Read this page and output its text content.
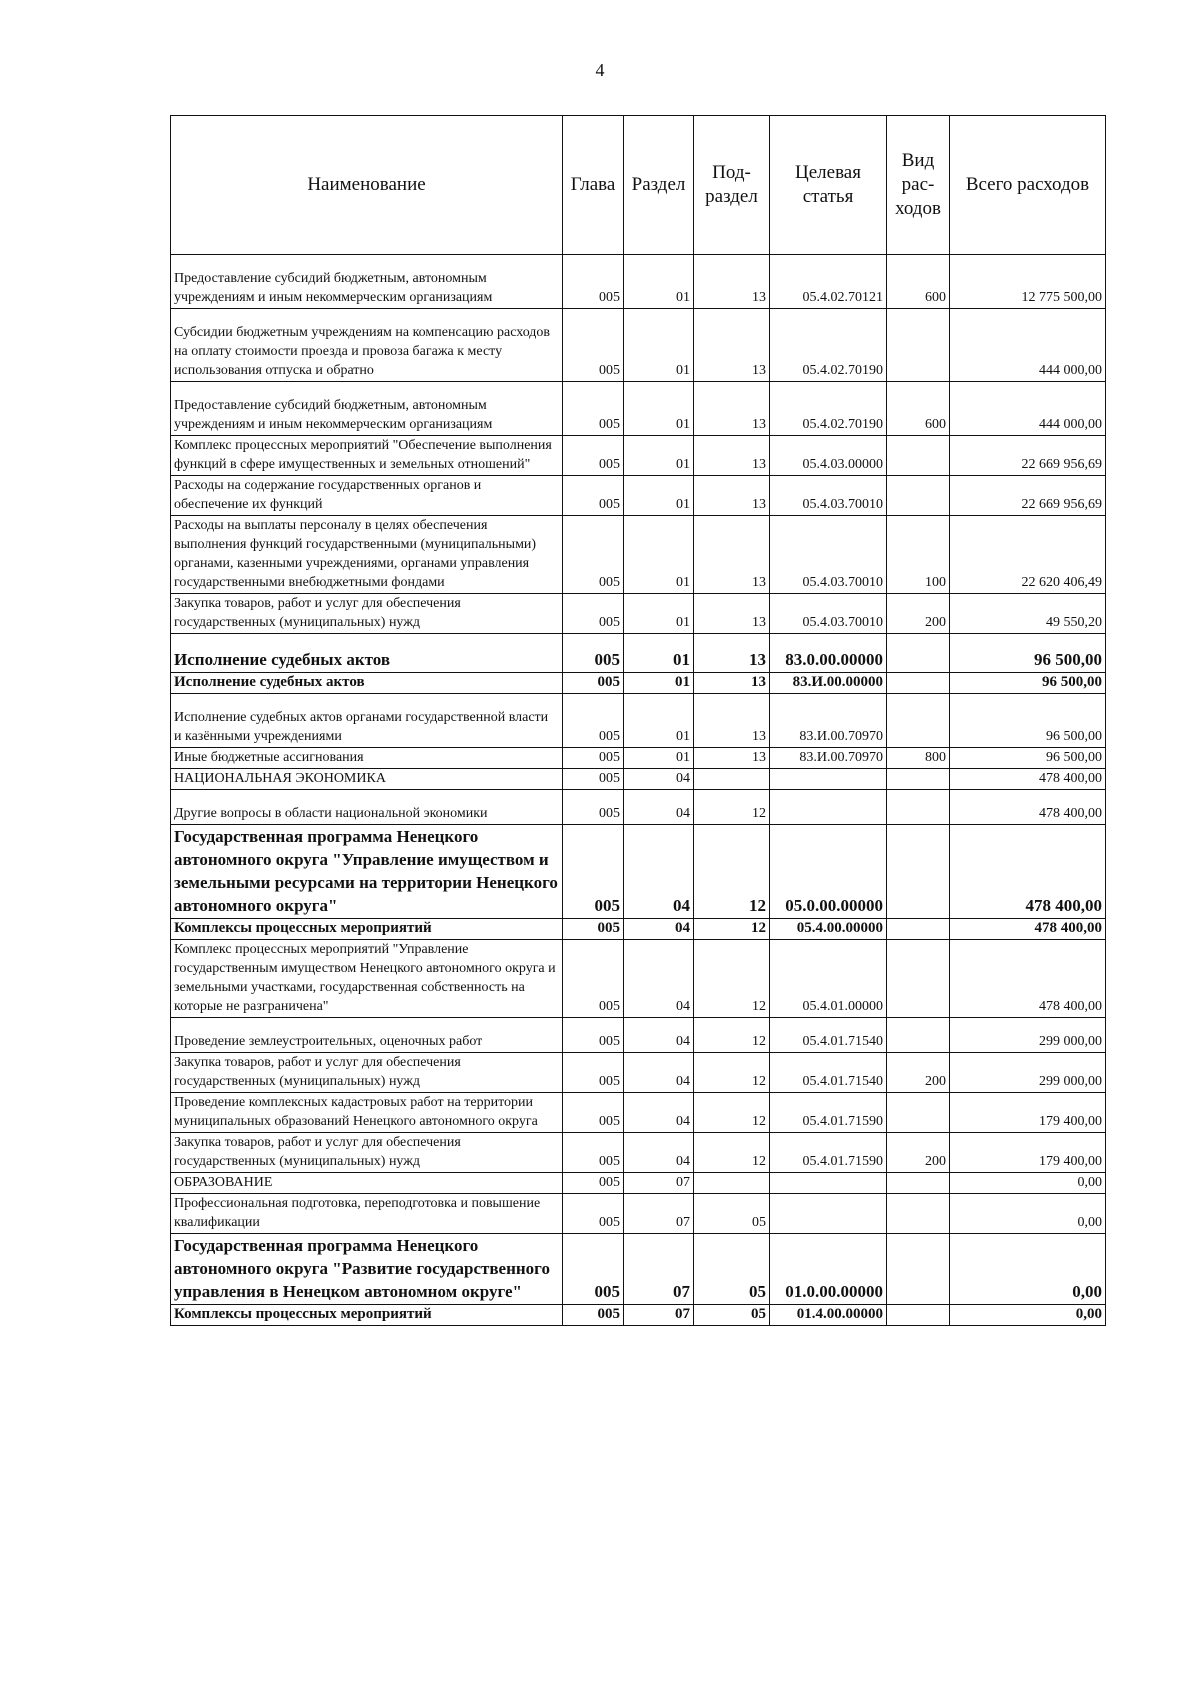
4
Наименование	Глава	Раздел	Под-раздел	Целевая статья	Вид рас-ходов	Всего расходов
Предоставление субсидий бюджетным, автономным учреждениям и иным некоммерческим организациям	005	01	13	05.4.02.70121	600	12 775 500,00
Субсидии бюджетным учреждениям на компенсацию расходов на оплату стоимости проезда и провоза багажа к месту использования отпуска и обратно	005	01	13	05.4.02.70190		444 000,00
Предоставление субсидий бюджетным, автономным учреждениям и иным некоммерческим организациям	005	01	13	05.4.02.70190	600	444 000,00
Комплекс процессных мероприятий "Обеспечение выполнения функций в сфере имущественных и земельных отношений"	005	01	13	05.4.03.00000		22 669 956,69
Расходы на содержание государственных органов и обеспечение их функций	005	01	13	05.4.03.70010		22 669 956,69
Расходы на выплаты персоналу в целях обеспечения выполнения функций государственными (муниципальными) органами, казенными учреждениями, органами управления государственными внебюджетными фондами	005	01	13	05.4.03.70010	100	22 620 406,49
Закупка товаров, работ и услуг для обеспечения государственных (муниципальных) нужд	005	01	13	05.4.03.70010	200	49 550,20
Исполнение судебных актов	005	01	13	83.0.00.00000		96 500,00
Исполнение судебных актов	005	01	13	83.И.00.00000		96 500,00
Исполнение судебных актов органами государственной власти и казёнными учреждениями	005	01	13	83.И.00.70970		96 500,00
Иные бюджетные ассигнования	005	01	13	83.И.00.70970	800	96 500,00
НАЦИОНАЛЬНАЯ ЭКОНОМИКА	005	04				478 400,00
Другие вопросы в области национальной экономики	005	04	12			478 400,00
Государственная программа Ненецкого автономного округа "Управление имуществом и земельными ресурсами на территории Ненецкого автономного округа"	005	04	12	05.0.00.00000		478 400,00
Комплексы процессных мероприятий	005	04	12	05.4.00.00000		478 400,00
Комплекс процессных мероприятий "Управление государственным имуществом Ненецкого автономного округа и земельными участками, государственная собственность на которые не разграничена"	005	04	12	05.4.01.00000		478 400,00
Проведение землеустроительных, оценочных работ	005	04	12	05.4.01.71540		299 000,00
Закупка товаров, работ и услуг для обеспечения государственных (муниципальных) нужд	005	04	12	05.4.01.71540	200	299 000,00
Проведение комплексных кадастровых работ на территории муниципальных образований Ненецкого автономного округа	005	04	12	05.4.01.71590		179 400,00
Закупка товаров, работ и услуг для обеспечения государственных (муниципальных) нужд	005	04	12	05.4.01.71590	200	179 400,00
ОБРАЗОВАНИЕ	005	07				0,00
Профессиональная подготовка, переподготовка и повышение квалификации	005	07	05			0,00
Государственная программа Ненецкого автономного округа "Развитие государственного управления в Ненецком автономном округе"	005	07	05	01.0.00.00000		0,00
Комплексы процессных мероприятий	005	07	05	01.4.00.00000		0,00
